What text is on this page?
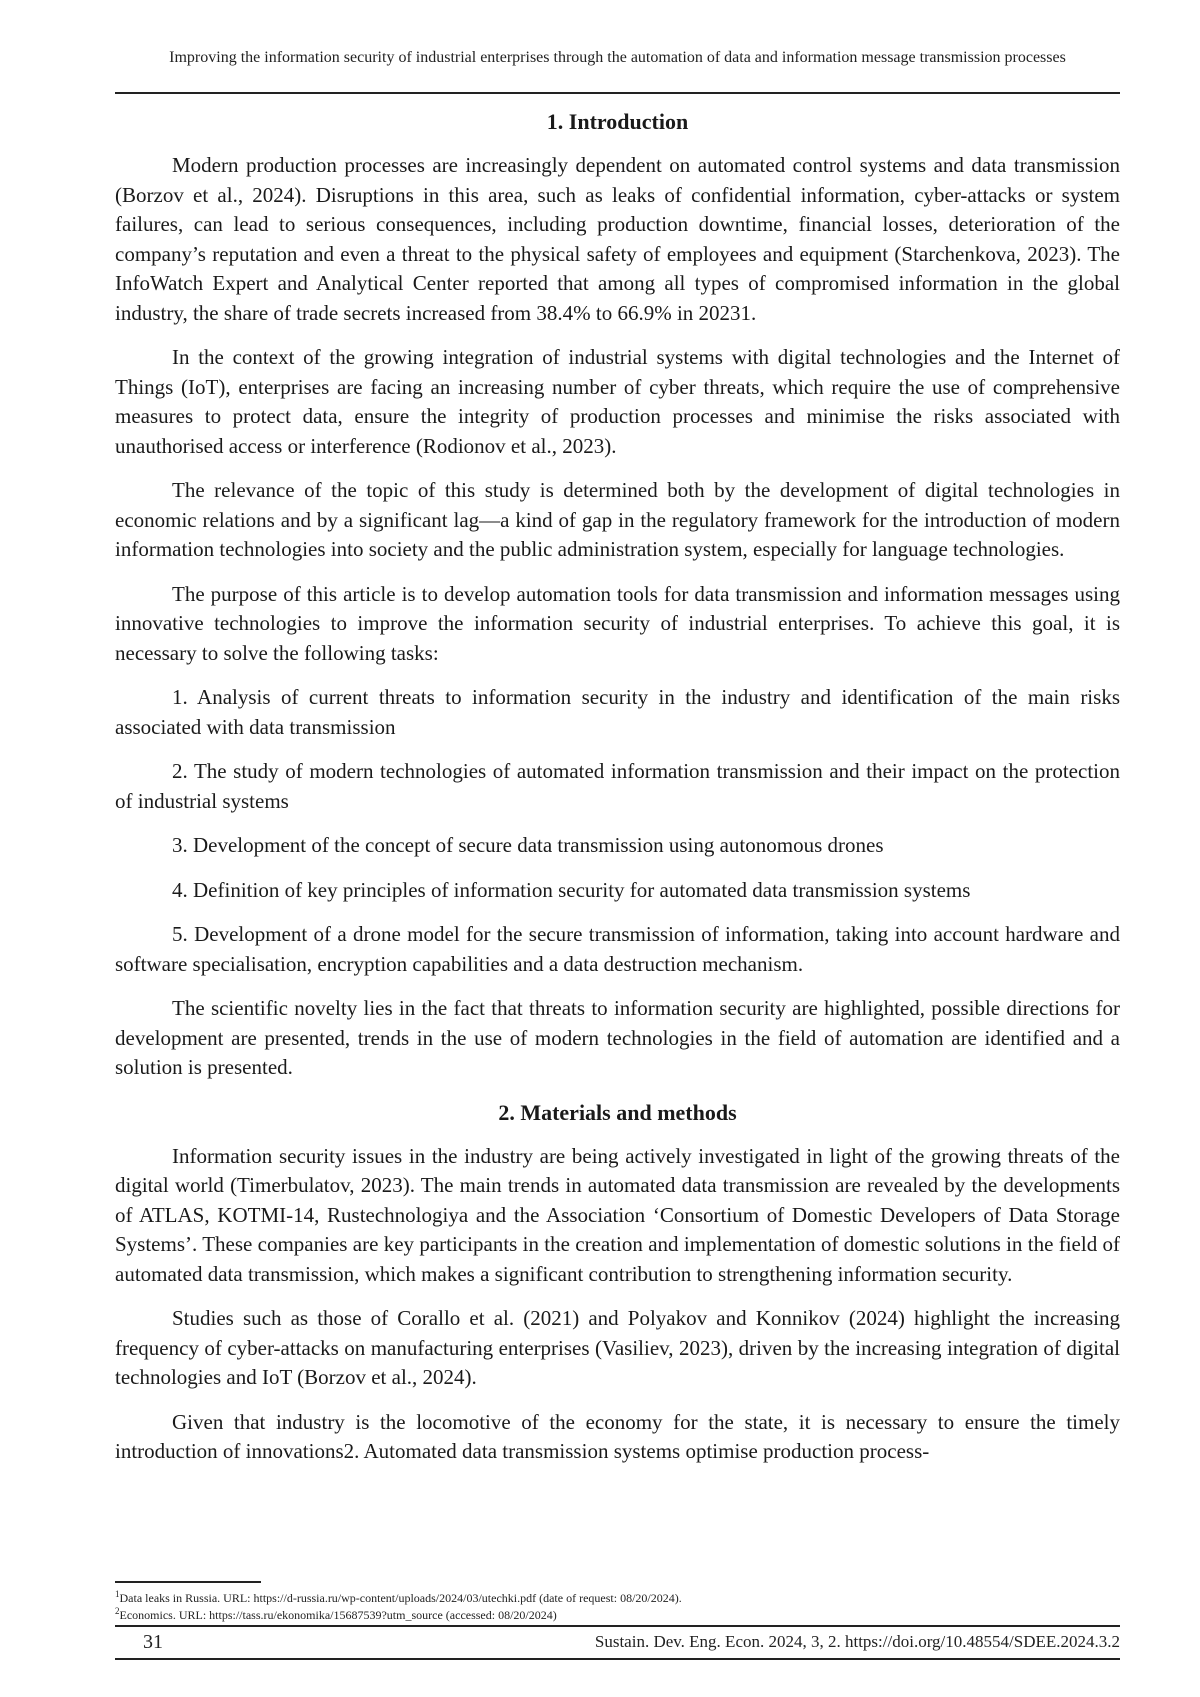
Improving the information security of industrial enterprises through the automation of data and information message transmission processes
1. Introduction

Modern production processes are increasingly dependent on automated control systems and data transmission (Borzov et al., 2024). Disruptions in this area, such as leaks of confidential information, cyber-attacks or system failures, can lead to serious consequences, including production downtime, financial losses, deterioration of the company’s reputation and even a threat to the physical safety of employees and equipment (Starchenkova, 2023). The InfoWatch Expert and Analytical Center reported that among all types of compromised information in the global industry, the share of trade secrets increased from 38.4% to 66.9% in 20231.

In the context of the growing integration of industrial systems with digital technologies and the Internet of Things (IoT), enterprises are facing an increasing number of cyber threats, which require the use of comprehensive measures to protect data, ensure the integrity of production processes and minimise the risks associated with unauthorised access or interference (Rodionov et al., 2023).

The relevance of the topic of this study is determined both by the development of digital technologies in economic relations and by a significant lag—a kind of gap in the regulatory framework for the introduction of modern information technologies into society and the public administration system, especially for language technologies.

The purpose of this article is to develop automation tools for data transmission and information messages using innovative technologies to improve the information security of industrial enterprises. To achieve this goal, it is necessary to solve the following tasks:

1. Analysis of current threats to information security in the industry and identification of the main risks associated with data transmission

2. The study of modern technologies of automated information transmission and their impact on the protection of industrial systems

3. Development of the concept of secure data transmission using autonomous drones

4. Definition of key principles of information security for automated data transmission systems

5. Development of a drone model for the secure transmission of information, taking into account hardware and software specialisation, encryption capabilities and a data destruction mechanism.

The scientific novelty lies in the fact that threats to information security are highlighted, possible directions for development are presented, trends in the use of modern technologies in the field of automation are identified and a solution is presented.

2. Materials and methods

Information security issues in the industry are being actively investigated in light of the growing threats of the digital world (Timerbulatov, 2023). The main trends in automated data transmission are revealed by the developments of ATLAS, KOTMI-14, Rustechnologiya and the Association ‘Consortium of Domestic Developers of Data Storage Systems’. These companies are key participants in the creation and implementation of domestic solutions in the field of automated data transmission, which makes a significant contribution to strengthening information security.

Studies such as those of Corallo et al. (2021) and Polyakov and Konnikov (2024) highlight the increasing frequency of cyber-attacks on manufacturing enterprises (Vasiliev, 2023), driven by the increasing integration of digital technologies and IoT (Borzov et al., 2024).

Given that industry is the locomotive of the economy for the state, it is necessary to ensure the timely introduction of innovations2. Automated data transmission systems optimise production process-

$^1$Data leaks in Russia. URL: https://d-russia.ru/wp-content/uploads/2024/03/utechki.pdf (date of request: 08/20/2024).
$^2$Economics. URL: https://tass.ru/ekonomika/15687539?utm_source (accessed: 08/20/2024)
31	Sustain. Dev. Eng. Econ. 2024, 3, 2. https://doi.org/10.48554/SDEE.2024.3.2
